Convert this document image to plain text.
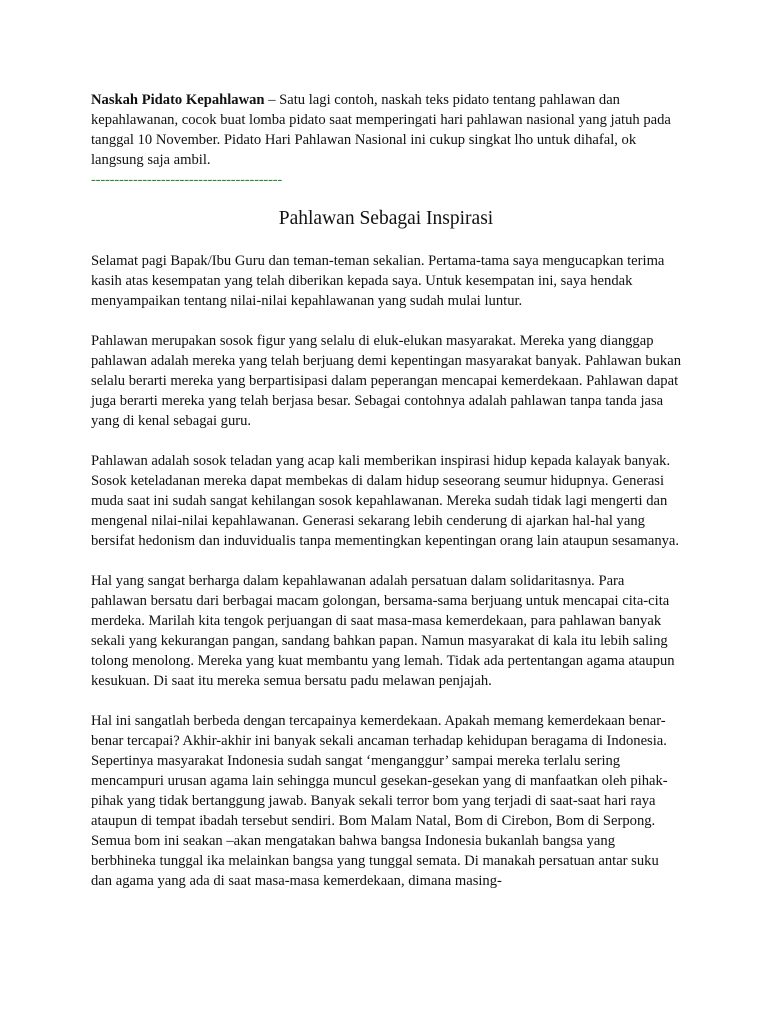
Naskah Pidato Kepahlawan – Satu lagi contoh, naskah teks pidato tentang pahlawan dan kepahlawanan, cocok buat lomba pidato saat memperingati hari pahlawan nasional yang jatuh pada tanggal 10 November. Pidato Hari Pahlawan Nasional ini cukup singkat lho untuk dihafal, ok langsung saja ambil.

-----------------------------------------
Pahlawan Sebagai Inspirasi

Selamat pagi Bapak/Ibu Guru dan teman-teman sekalian. Pertama-tama saya mengucapkan terima kasih atas kesempatan yang telah diberikan kepada saya. Untuk kesempatan ini, saya hendak menyampaikan tentang nilai-nilai kepahlawanan yang sudah mulai luntur.

Pahlawan merupakan sosok figur yang selalu di eluk-elukan masyarakat. Mereka yang dianggap pahlawan adalah mereka yang telah berjuang demi kepentingan masyarakat banyak. Pahlawan bukan selalu berarti mereka yang berpartisipasi dalam peperangan mencapai kemerdekaan. Pahlawan dapat juga berarti mereka yang telah berjasa besar. Sebagai contohnya adalah pahlawan tanpa tanda jasa yang di kenal sebagai guru.

Pahlawan adalah sosok teladan yang acap kali memberikan inspirasi hidup kepada kalayak banyak. Sosok keteladanan mereka dapat membekas di dalam hidup seseorang seumur hidupnya. Generasi muda saat ini sudah sangat kehilangan sosok kepahlawanan. Mereka sudah tidak lagi mengerti dan mengenal nilai-nilai kepahlawanan. Generasi sekarang lebih cenderung di ajarkan hal-hal yang bersifat hedonism dan induvidualis tanpa mementingkan kepentingan orang lain ataupun sesamanya.

Hal yang sangat berharga dalam kepahlawanan adalah persatuan dalam solidaritasnya. Para pahlawan bersatu dari berbagai macam golongan, bersama-sama berjuang untuk mencapai cita-cita merdeka. Marilah kita tengok perjuangan di saat masa-masa kemerdekaan, para pahlawan banyak sekali yang kekurangan pangan, sandang bahkan papan. Namun masyarakat di kala itu lebih saling tolong menolong. Mereka yang kuat membantu yang lemah. Tidak ada pertentangan agama ataupun kesukuan. Di saat itu mereka semua bersatu padu melawan penjajah.

Hal ini sangatlah berbeda dengan tercapainya kemerdekaan. Apakah memang kemerdekaan benar-benar tercapai? Akhir-akhir ini banyak sekali ancaman terhadap kehidupan beragama di Indonesia. Sepertinya masyarakat Indonesia sudah sangat ‘menganggur’ sampai mereka terlalu sering mencampuri urusan agama lain sehingga muncul gesekan-gesekan yang di manfaatkan oleh pihak-pihak yang tidak bertanggung jawab. Banyak sekali terror bom yang terjadi di saat-saat hari raya ataupun di tempat ibadah tersebut sendiri. Bom Malam Natal, Bom di Cirebon, Bom di Serpong. Semua bom ini seakan –akan mengatakan bahwa bangsa Indonesia bukanlah bangsa yang berbhineka tunggal ika melainkan bangsa yang tunggal semata. Di manakah persatuan antar suku dan agama yang ada di saat masa-masa kemerdekaan, dimana masing-
